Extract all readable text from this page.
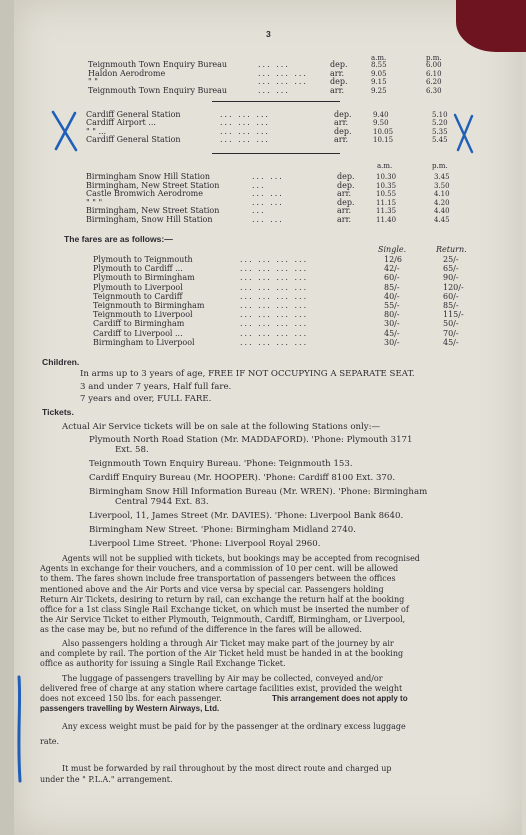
3
Teignmouth Town Enquiry Bureau	... ...	dep.	8.55	6.00
Haldon Aerodrome	... ... ...	arr.	9.05	6.10
" "	... ... ...	dep.	9.15	6.20
Teignmouth Town Enquiry Bureau	... ...	arr.	9.25	6.30
a.m.	p.m.
Cardiff General Station	... ... ...	dep.	9.40	5.10
Cardiff Airport ...	... ... ...	arr.	9.50	5.20
" " ...	... ... ...	dep.	10.05	5.35
Cardiff General Station	... ... ...	arr.	10.15	5.45
a.m.	p.m.
Birmingham Snow Hill Station	... ...	dep.	10.30	3.45
Birmingham, New Street Station	...	dep.	10.35	3.50
Castle Bromwich Aerodrome	... ...	arr.	10.55	4.10
" " "	... ...	dep.	11.15	4.20
Birmingham, New Street Station	...	arr.	11.35	4.40
Birmingham, Snow Hill Station	... ...	arr.	11.40	4.45
The fares are as follows:—
Single.	Return.
Plymouth to Teignmouth	... ... ... ...	12/6	25/-
Plymouth to Cardiff ...	... ... ... ...	42/-	65/-
Plymouth to Birmingham	... ... ... ...	60/-	90/-
Plymouth to Liverpool	... ... ... ...	85/-	120/-
Teignmouth to Cardiff	... ... ... ...	40/-	60/-
Teignmouth to Birmingham	... ... ... ...	55/-	85/-
Teignmouth to Liverpool	... ... ... ...	80/-	115/-
Cardiff to Birmingham	... ... ... ...	30/-	50/-
Cardiff to Liverpool ...	... ... ... ...	45/-	70/-
Birmingham to Liverpool	... ... ... ...	30/-	45/-
Children.
In arms up to 3 years of age, FREE IF NOT OCCUPYING A SEPARATE SEAT.
3 and under 7 years, Half full fare.
7 years and over, FULL FARE.
Tickets.
Actual Air Service tickets will be on sale at the following Stations only:—
Plymouth North Road Station (Mr. MADDAFORD). 'Phone: Plymouth 3171
Ext. 58.
Teignmouth Town Enquiry Bureau. 'Phone: Teignmouth 153.
Cardiff Enquiry Bureau (Mr. HOOPER). 'Phone: Cardiff 8100 Ext. 370.
Birmingham Snow Hill Information Bureau (Mr. WREN). 'Phone: Birmingham
Central 7944 Ext. 83.
Liverpool, 11, James Street (Mr. DAVIES). 'Phone: Liverpool Bank 8640.
Birmingham New Street. 'Phone: Birmingham Midland 2740.
Liverpool Lime Street. 'Phone: Liverpool Royal 2960.
Agents will not be supplied with tickets, but bookings may be accepted from recognised
Agents in exchange for their vouchers, and a commission of 10 per cent. will be allowed
to them. The fares shown include free transportation of passengers between the offices
mentioned above and the Air Ports and vice versa by special car. Passengers holding
Return Air Tickets, desiring to return by rail, can exchange the return half at the booking
office for a 1st class Single Rail Exchange ticket, on which must be inserted the number of
the Air Service Ticket to either Plymouth, Teignmouth, Cardiff, Birmingham, or Liverpool,
as the case may be, but no refund of the difference in the fares will be allowed.
Also passengers holding a through Air Ticket may make part of the journey by air
and complete by rail. The portion of the Air Ticket held must be handed in at the booking
office as authority for issuing a Single Rail Exchange Ticket.
The luggage of passengers travelling by Air may be collected, conveyed and/or
delivered free of charge at any station where cartage facilities exist, provided the weight
does not exceed 150 lbs. for each passenger.	This arrangement does not apply to
passengers travelling by Western Airways, Ltd.
Any excess weight must be paid for by the passenger at the ordinary excess luggage
rate.
It must be forwarded by rail throughout by the most direct route and charged up
under the " P.L.A." arrangement.
